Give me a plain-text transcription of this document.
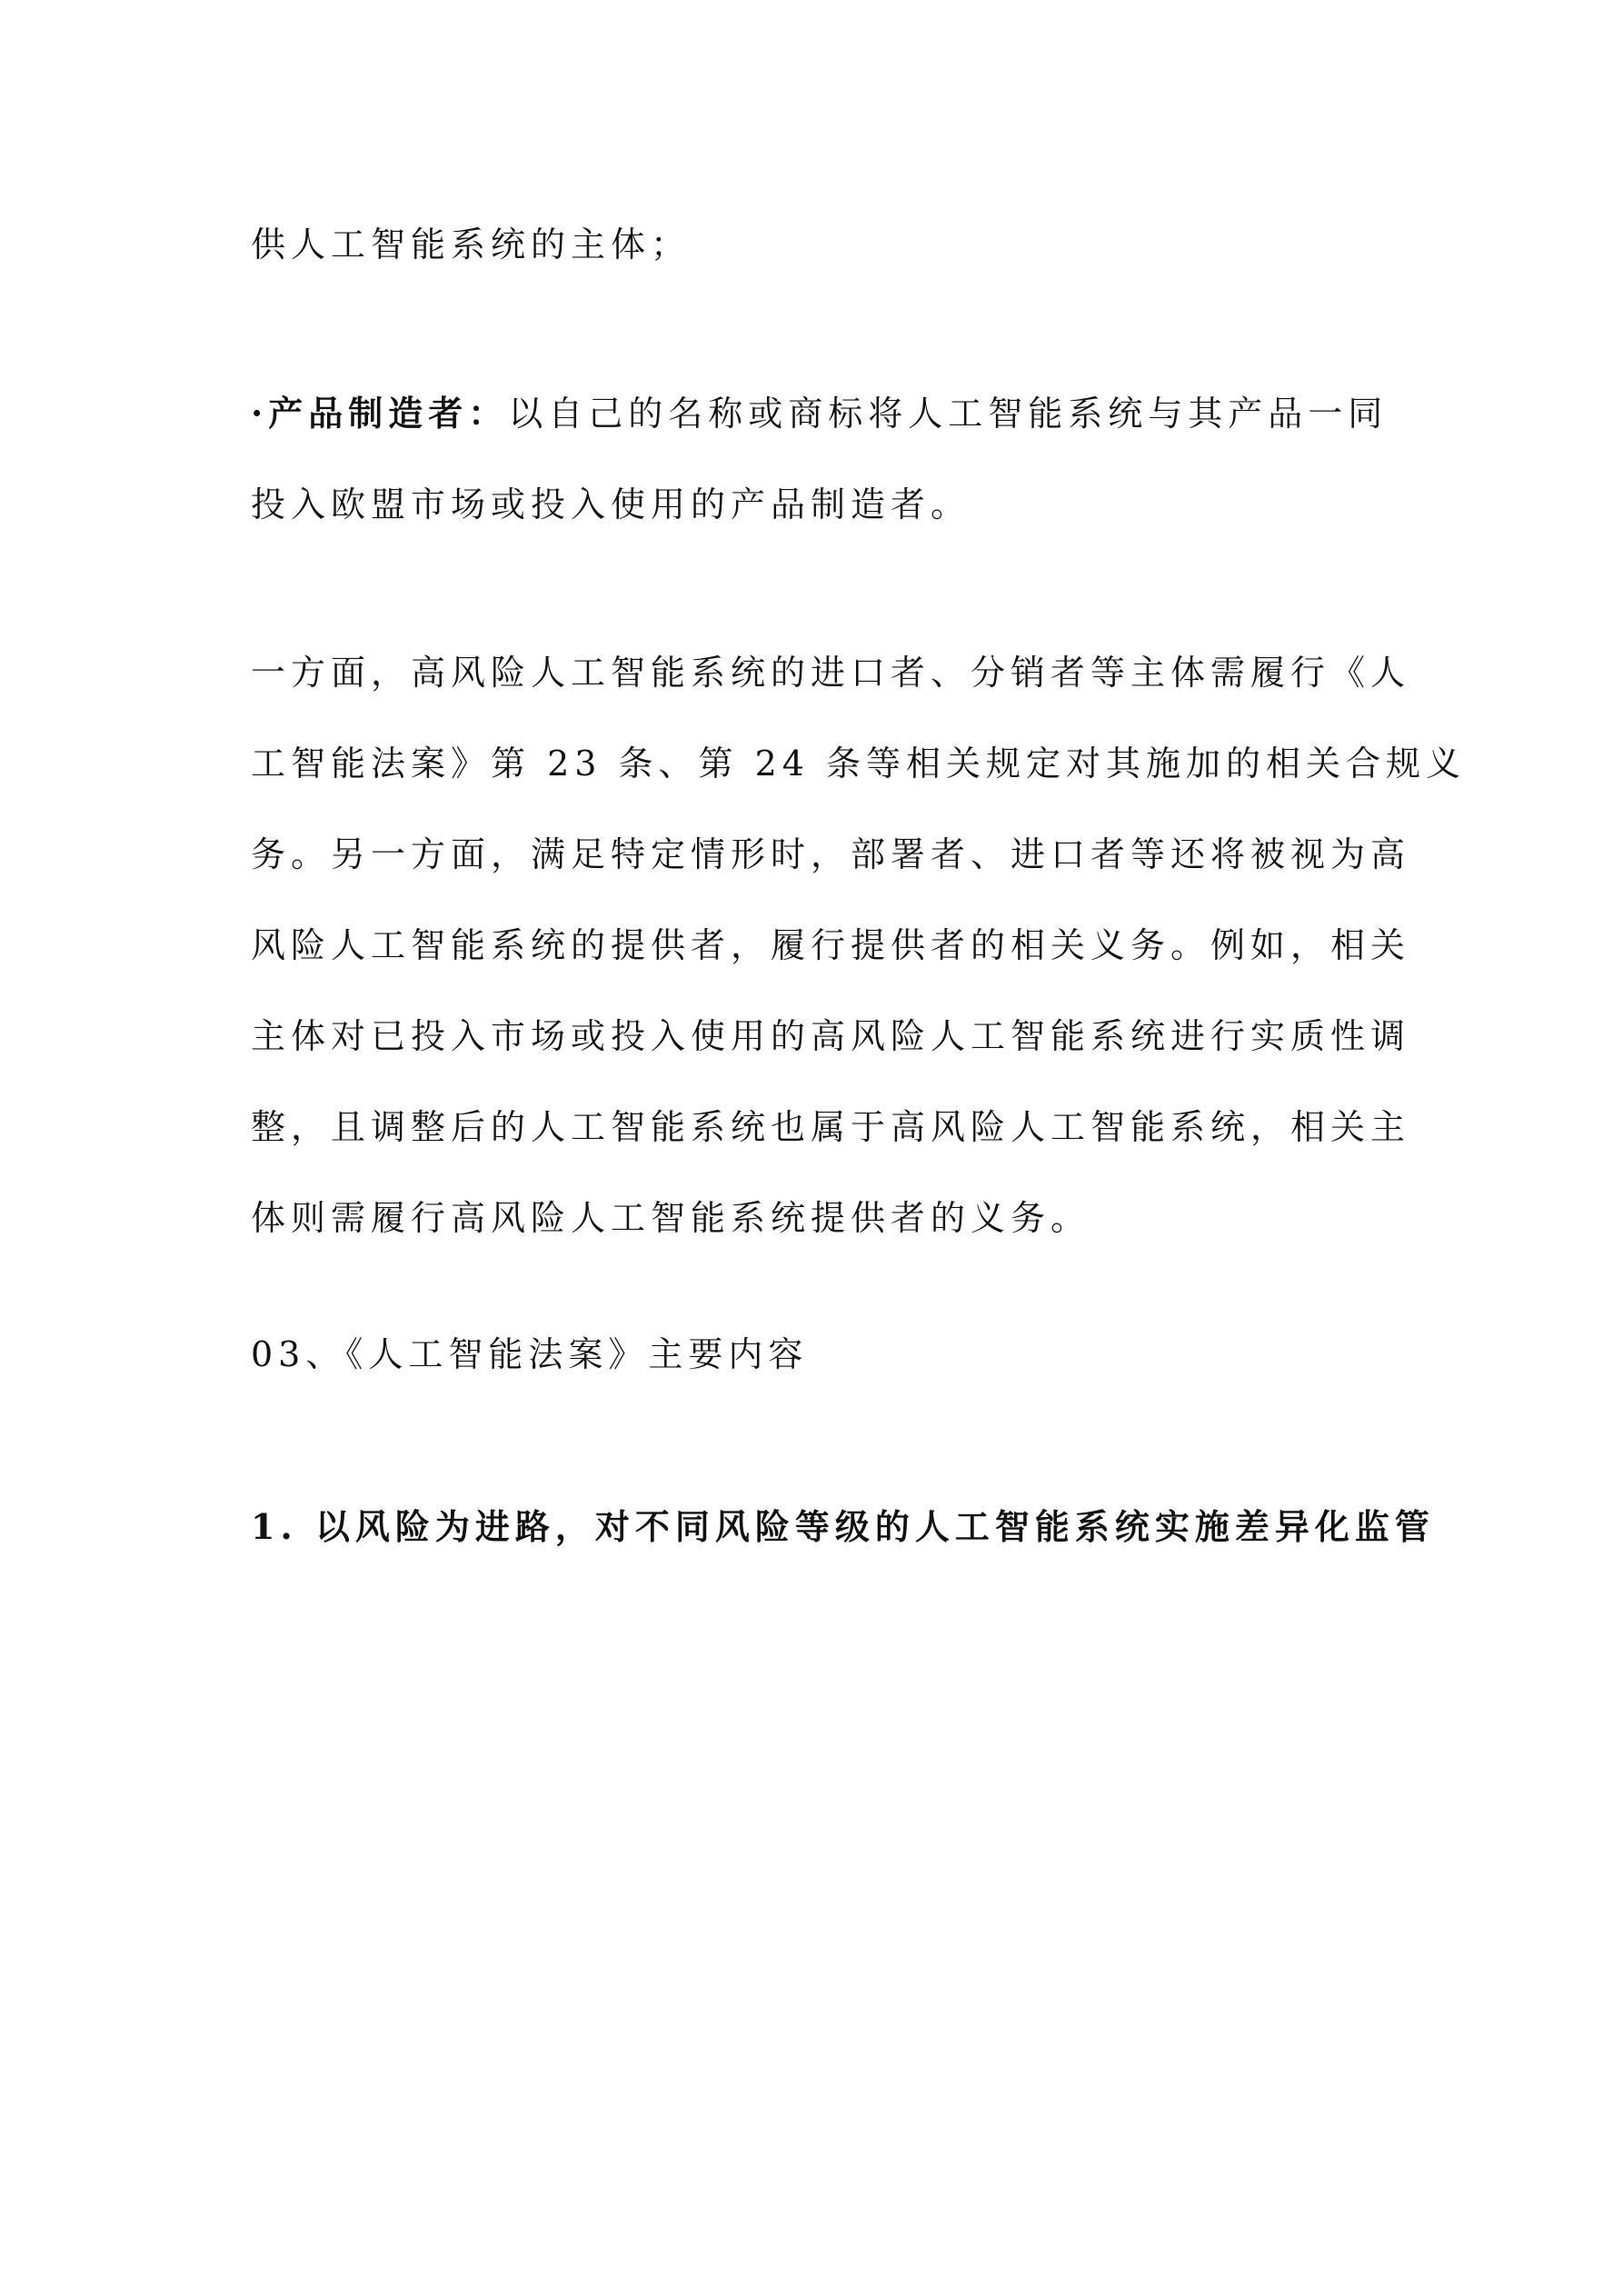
供人工智能系统的主体；

·产品制造者：以自己的名称或商标将人工智能系统与其产品一同
投入欧盟市场或投入使用的产品制造者。

一方面，高风险人工智能系统的进口者、分销者等主体需履行《人
工智能法案》第 23 条、第 24 条等相关规定对其施加的相关合规义
务。另一方面，满足特定情形时，部署者、进口者等还将被视为高
风险人工智能系统的提供者，履行提供者的相关义务。例如，相关
主体对已投入市场或投入使用的高风险人工智能系统进行实质性调
整，且调整后的人工智能系统也属于高风险人工智能系统，相关主
体则需履行高风险人工智能系统提供者的义务。

03、《人工智能法案》主要内容

1. 以风险为进路，对不同风险等级的人工智能系统实施差异化监管
